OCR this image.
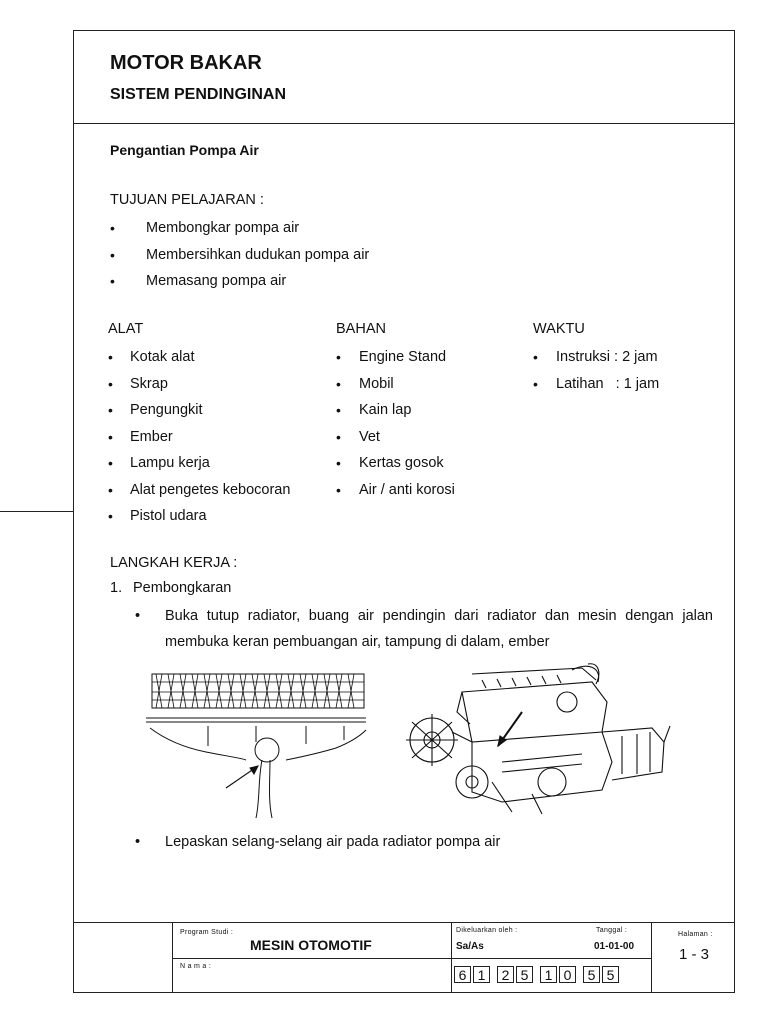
MOTOR BAKAR
SISTEM PENDINGINAN
Pengantian Pompa Air
TUJUAN PELAJARAN :
• Membongkar pompa air
• Membersihkan dudukan pompa air
• Memasang pompa air
ALAT
• Kotak alat
• Skrap
• Pengungkit
• Ember
• Lampu kerja
• Alat pengetes kebocoran
• Pistol udara
BAHAN
• Engine Stand
• Mobil
• Kain lap
• Vet
• Kertas gosok
• Air / anti korosi
WAKTU
• Instruksi : 2 jam
• Latihan   : 1 jam
LANGKAH KERJA :
1. Pembongkaran
• Buka tutup radiator, buang air pendingin dari radiator dan mesin dengan jalan membuka keran pembuangan air, tampung di dalam, ember
• Lepaskan selang-selang air pada radiator pompa air
Program Studi :
MESIN OTOMOTIF
N a m a :
Dikeluarkan oleh :
Sa/As
Tanggal :
01-01-00
Halaman :
1 - 3
6 1	2 5	1 0	5 5
